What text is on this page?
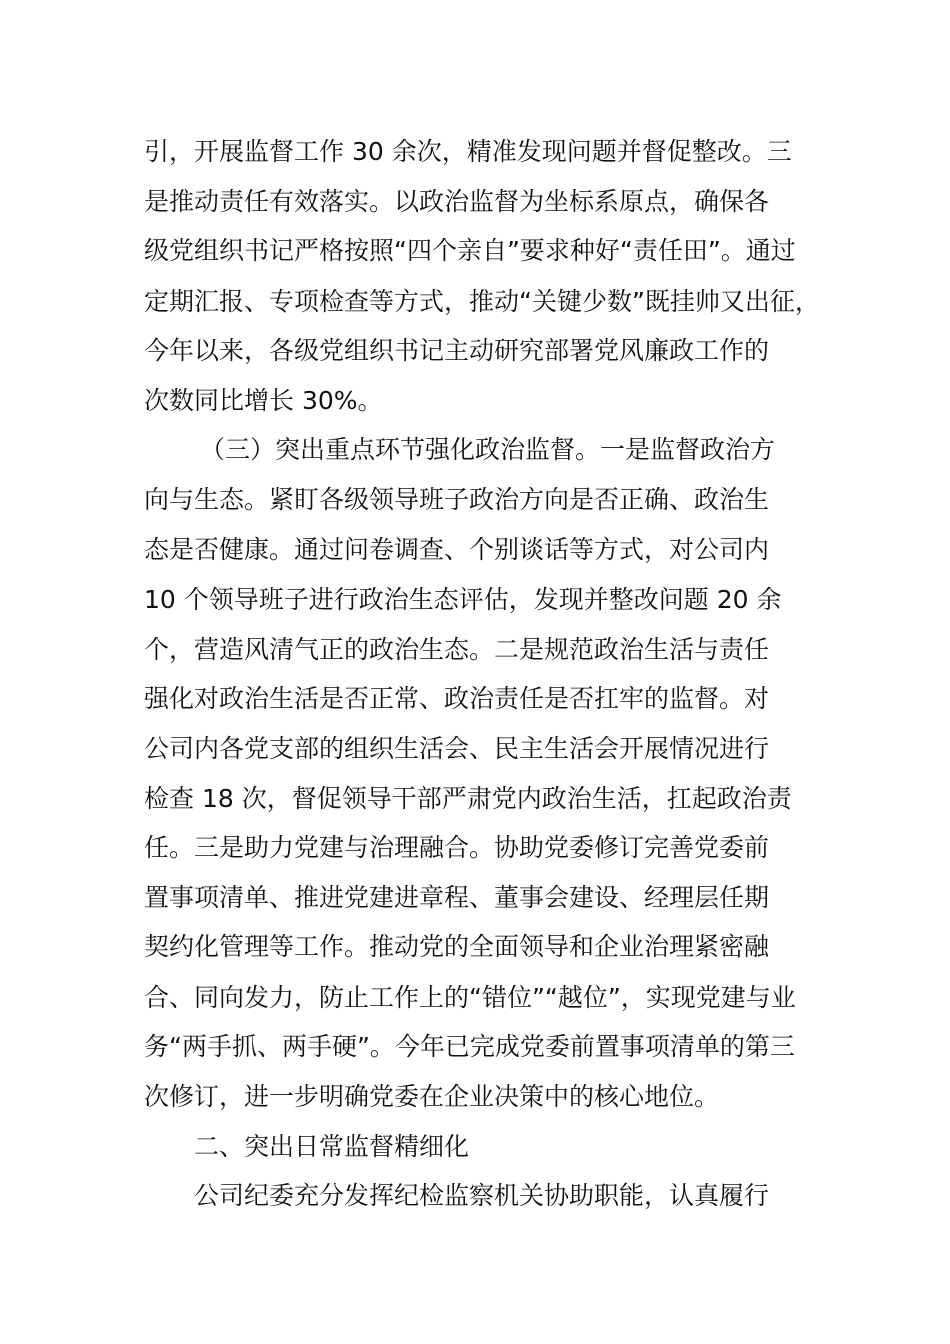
引，开展监督工作 30 余次，精准发现问题并督促整改。三
是推动责任有效落实。以政治监督为坐标系原点，确保各
级党组织书记严格按照“四个亲自”要求种好“责任田”。通过
定期汇报、专项检查等方式，推动“关键少数”既挂帅又出征，
今年以来，各级党组织书记主动研究部署党风廉政工作的
次数同比增长 30%。
（三）突出重点环节强化政治监督。一是监督政治方
向与生态。紧盯各级领导班子政治方向是否正确、政治生
态是否健康。通过问卷调查、个别谈话等方式，对公司内
10 个领导班子进行政治生态评估，发现并整改问题 20 余
个，营造风清气正的政治生态。二是规范政治生活与责任
强化对政治生活是否正常、政治责任是否扛牢的监督。对
公司内各党支部的组织生活会、民主生活会开展情况进行
检查 18 次，督促领导干部严肃党内政治生活，扛起政治责
任。三是助力党建与治理融合。协助党委修订完善党委前
置事项清单、推进党建进章程、董事会建设、经理层任期
契约化管理等工作。推动党的全面领导和企业治理紧密融
合、同向发力，防止工作上的“错位”“越位”，实现党建与业
务“两手抓、两手硬”。今年已完成党委前置事项清单的第三
次修订，进一步明确党委在企业决策中的核心地位。
二、突出日常监督精细化
公司纪委充分发挥纪检监察机关协助职能，认真履行
